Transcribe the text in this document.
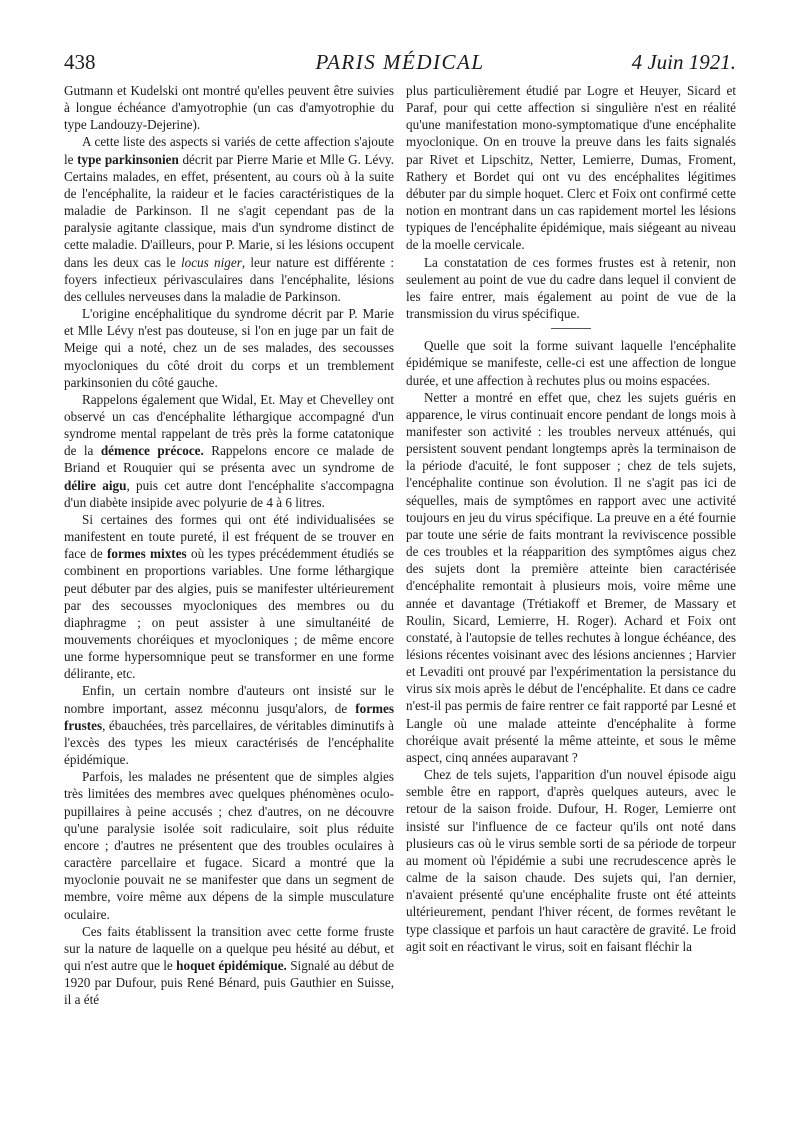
438	PARIS MÉDICAL	4 Juin 1921.

Gutmann et Kudelski ont montré qu'elles peuvent être suivies à longue échéance d'amyotrophie (un cas d'amyotrophie du type Landouzy-Dejerine).

A cette liste des aspects si variés de cette affection s'ajoute le type parkinsonien décrit par Pierre Marie et Mlle G. Lévy. Certains malades, en effet, présentent, au cours où à la suite de l'encéphalite, la raideur et le facies caractéristiques de la maladie de Parkinson. Il ne s'agit cependant pas de la paralysie agitante classique, mais d'un syndrome distinct de cette maladie. D'ailleurs, pour P. Marie, si les lésions occupent dans les deux cas le locus niger, leur nature est différente : foyers infectieux périvasculaires dans l'encéphalite, lésions des cellules nerveuses dans la maladie de Parkinson.

L'origine encéphalitique du syndrome décrit par P. Marie et Mlle Lévy n'est pas douteuse, si l'on en juge par un fait de Meige qui a noté, chez un de ses malades, des secousses myocloniques du côté droit du corps et un tremblement parkinsonien du côté gauche.

Rappelons également que Widal, Et. May et Chevelley ont observé un cas d'encéphalite léthargique accompagné d'un syndrome mental rappelant de très près la forme catatonique de la démence précoce. Rappelons encore ce malade de Briand et Rouquier qui se présenta avec un syndrome de délire aigu, puis cet autre dont l'encéphalite s'accompagna d'un diabète insipide avec polyurie de 4 à 6 litres.

Si certaines des formes qui ont été individualisées se manifestent en toute pureté, il est fréquent de se trouver en face de formes mixtes où les types précédemment étudiés se combinent en proportions variables. Une forme léthargique peut débuter par des algies, puis se manifester ultérieurement par des secousses myocloniques des membres ou du diaphragme ; on peut assister à une simultanéité de mouvements choréiques et myocloniques ; de même encore une forme hypersomnique peut se transformer en une forme délirante, etc.

Enfin, un certain nombre d'auteurs ont insisté sur le nombre important, assez méconnu jusqu'alors, de formes frustes, ébauchées, très parcellaires, de véritables diminutifs à l'excès des types les mieux caractérisés de l'encéphalite épidémique.

Parfois, les malades ne présentent que de simples algies très limitées des membres avec quelques phénomènes oculo-pupillaires à peine accusés ; chez d'autres, on ne découvre qu'une paralysie isolée soit radiculaire, soit plus réduite encore ; d'autres ne présentent que des troubles oculaires à caractère parcellaire et fugace. Sicard a montré que la myoclonie pouvait ne se manifester que dans un segment de membre, voire même aux dépens de la simple musculature oculaire.

Ces faits établissent la transition avec cette forme fruste sur la nature de laquelle on a quelque peu hésité au début, et qui n'est autre que le hoquet épidémique. Signalé au début de 1920 par Dufour, puis René Bénard, puis Gauthier en Suisse, il a été

plus particulièrement étudié par Logre et Heuyer, Sicard et Paraf, pour qui cette affection si singulière n'est en réalité qu'une manifestation mono-symptomatique d'une encéphalite myoclonique. On en trouve la preuve dans les faits signalés par Rivet et Lipschitz, Netter, Lemierre, Dumas, Froment, Rathery et Bordet qui ont vu des encéphalites légitimes débuter par du simple hoquet. Clerc et Foix ont confirmé cette notion en montrant dans un cas rapidement mortel les lésions typiques de l'encéphalite épidémique, mais siégeant au niveau de la moelle cervicale.

La constatation de ces formes frustes est à retenir, non seulement au point de vue du cadre dans lequel il convient de les faire entrer, mais également au point de vue de la transmission du virus spécifique.

Quelle que soit la forme suivant laquelle l'encéphalite épidémique se manifeste, celle-ci est une affection de longue durée, et une affection à rechutes plus ou moins espacées.

Netter a montré en effet que, chez les sujets guéris en apparence, le virus continuait encore pendant de longs mois à manifester son activité : les troubles nerveux atténués, qui persistent souvent pendant longtemps après la terminaison de la période d'acuité, le font supposer ; chez de tels sujets, l'encéphalite continue son évolution. Il ne s'agit pas ici de séquelles, mais de symptômes en rapport avec une activité toujours en jeu du virus spécifique. La preuve en a été fournie par toute une série de faits montrant la reviviscence possible de ces troubles et la réapparition des symptômes aigus chez des sujets dont la première atteinte bien caractérisée d'encéphalite remontait à plusieurs mois, voire même une année et davantage (Trétiakoff et Bremer, de Massary et Roulin, Sicard, Lemierre, H. Roger). Achard et Foix ont constaté, à l'autopsie de telles rechutes à longue échéance, des lésions récentes voisinant avec des lésions anciennes ; Harvier et Levaditi ont prouvé par l'expérimentation la persistance du virus six mois après le début de l'encéphalite. Et dans ce cadre n'est-il pas permis de faire rentrer ce fait rapporté par Lesné et Langle où une malade atteinte d'encéphalite à forme choréique avait présenté la même atteinte, et sous le même aspect, cinq années auparavant ?

Chez de tels sujets, l'apparition d'un nouvel épisode aigu semble être en rapport, d'après quelques auteurs, avec le retour de la saison froide. Dufour, H. Roger, Lemierre ont insisté sur l'influence de ce facteur qu'ils ont noté dans plusieurs cas où le virus semble sorti de sa période de torpeur au moment où l'épidémie a subi une recrudescence après le calme de la saison chaude. Des sujets qui, l'an dernier, n'avaient présenté qu'une encéphalite fruste ont été atteints ultérieurement, pendant l'hiver récent, de formes revêtant le type classique et parfois un haut caractère de gravité. Le froid agit soit en réactivant le virus, soit en faisant fléchir la
